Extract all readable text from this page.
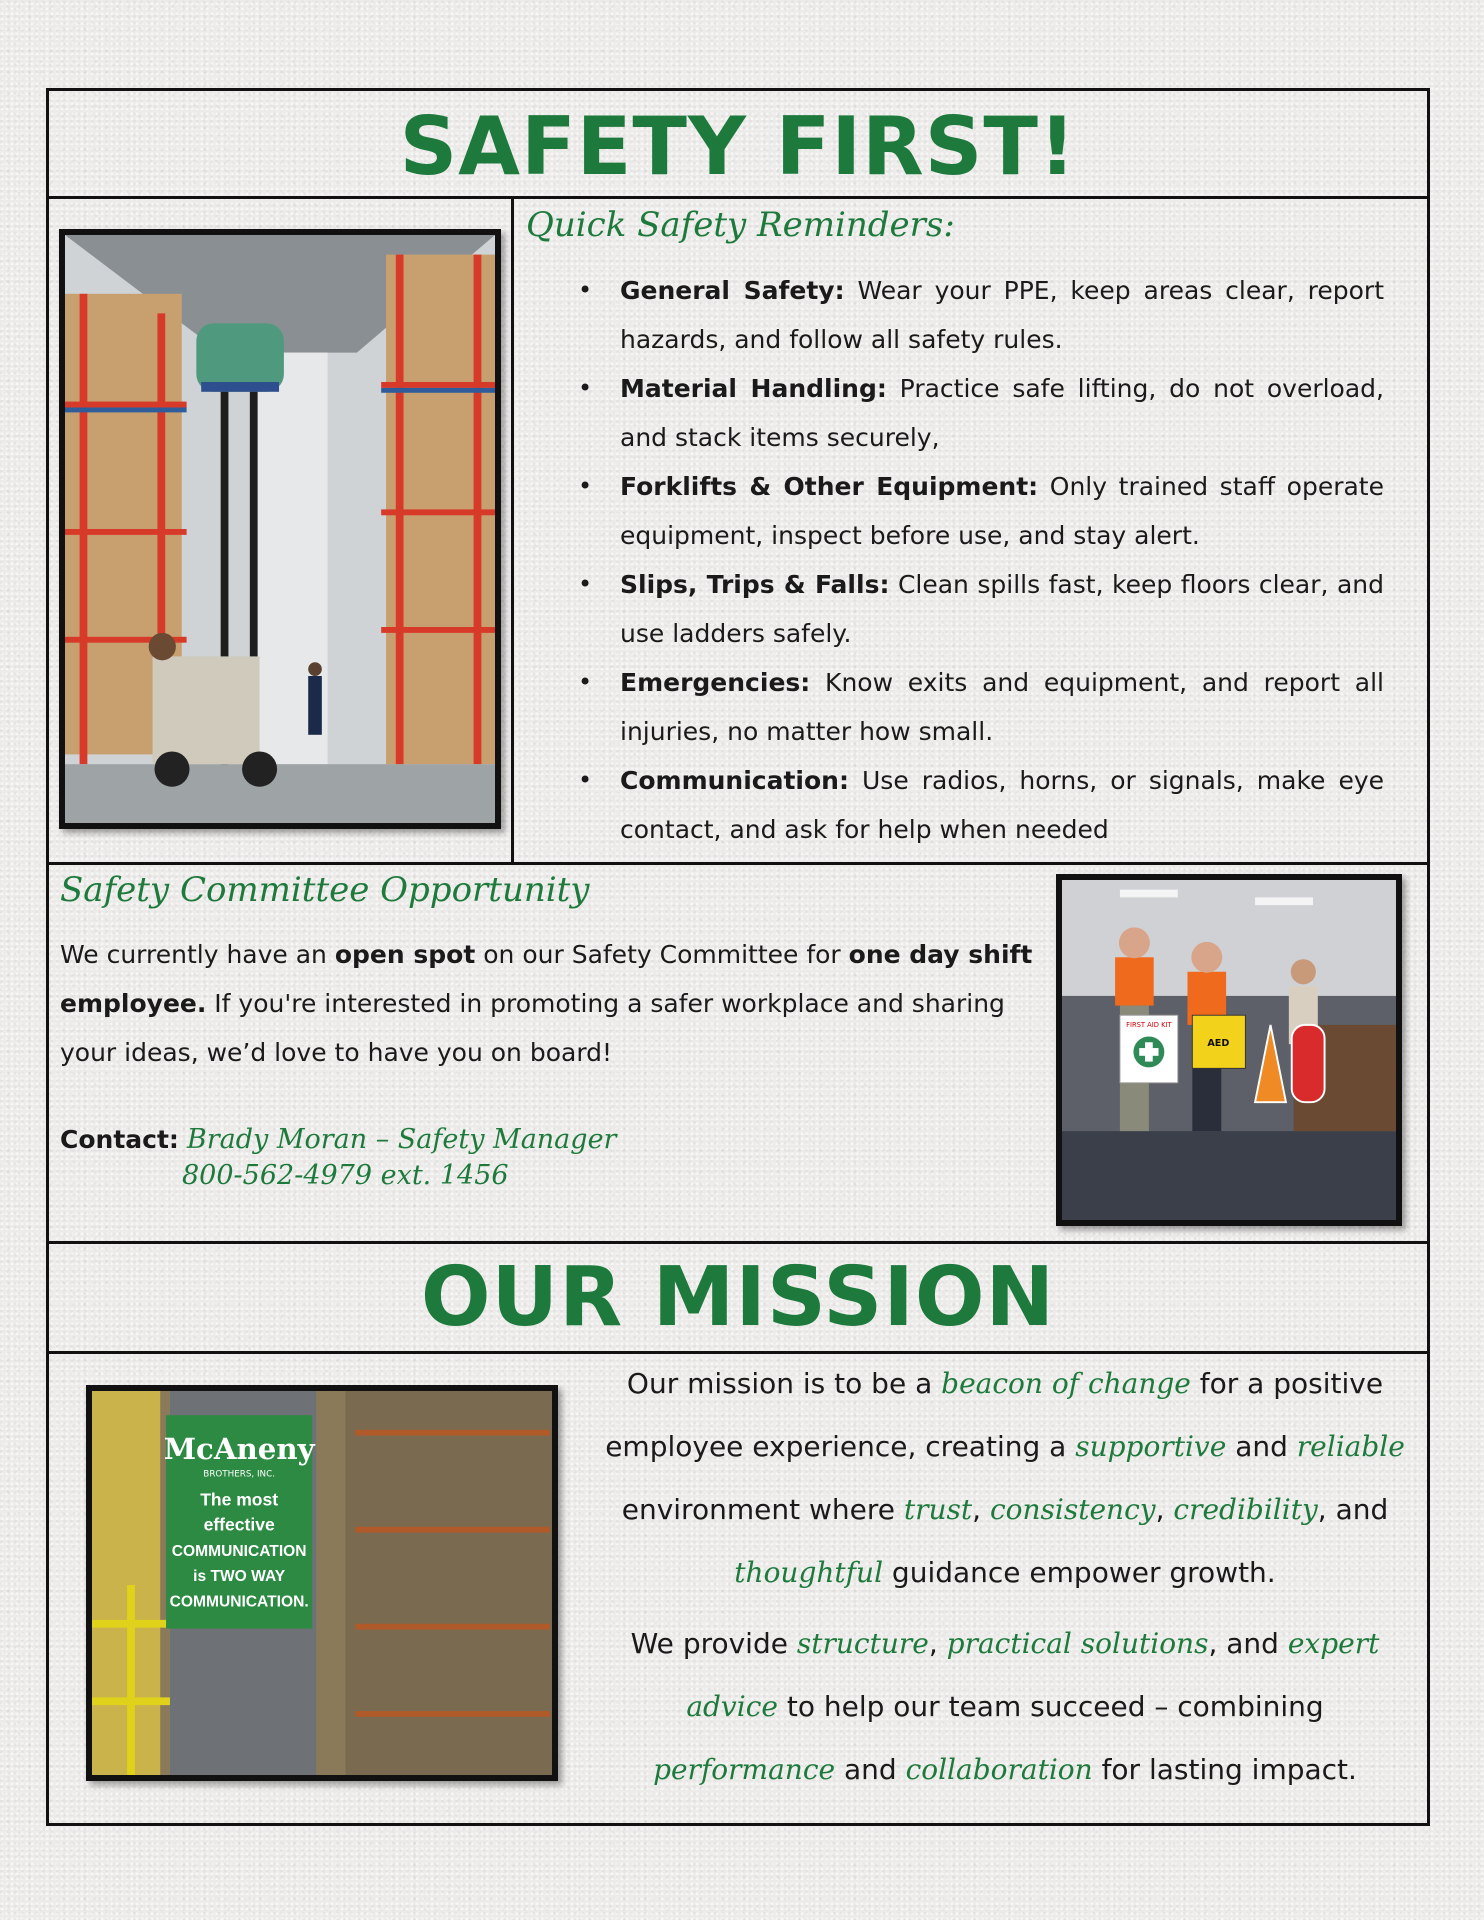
SAFETY FIRST!
Quick Safety Reminders:
• General Safety: Wear your PPE, keep areas clear, report hazards, and follow all safety rules.
• Material Handling: Practice safe lifting, do not overload, and stack items securely,
• Forklifts & Other Equipment: Only trained staff operate equipment, inspect before use, and stay alert.
• Slips, Trips & Falls: Clean spills fast, keep floors clear, and use ladders safely.
• Emergencies: Know exits and equipment, and report all injuries, no matter how small.
• Communication: Use radios, horns, or signals, make eye contact, and ask for help when needed
Safety Committee Opportunity
We currently have an open spot on our Safety Committee for one day shift employee. If you're interested in promoting a safer workplace and sharing your ideas, we’d love to have you on board!
Contact: Brady Moran – Safety Manager
800-562-4979 ext. 1456
FIRST AID KIT
AED
OUR MISSION
McAneny
BROTHERS, INC.
The most
effective
COMMUNICATION
is TWO WAY
COMMUNICATION.

Our mission is to be a beacon of change for a positive employee experience, creating a supportive and reliable environment where trust, consistency, credibility, and thoughtful guidance empower growth.

We provide structure, practical solutions, and expert advice to help our team succeed – combining performance and collaboration for lasting impact.
